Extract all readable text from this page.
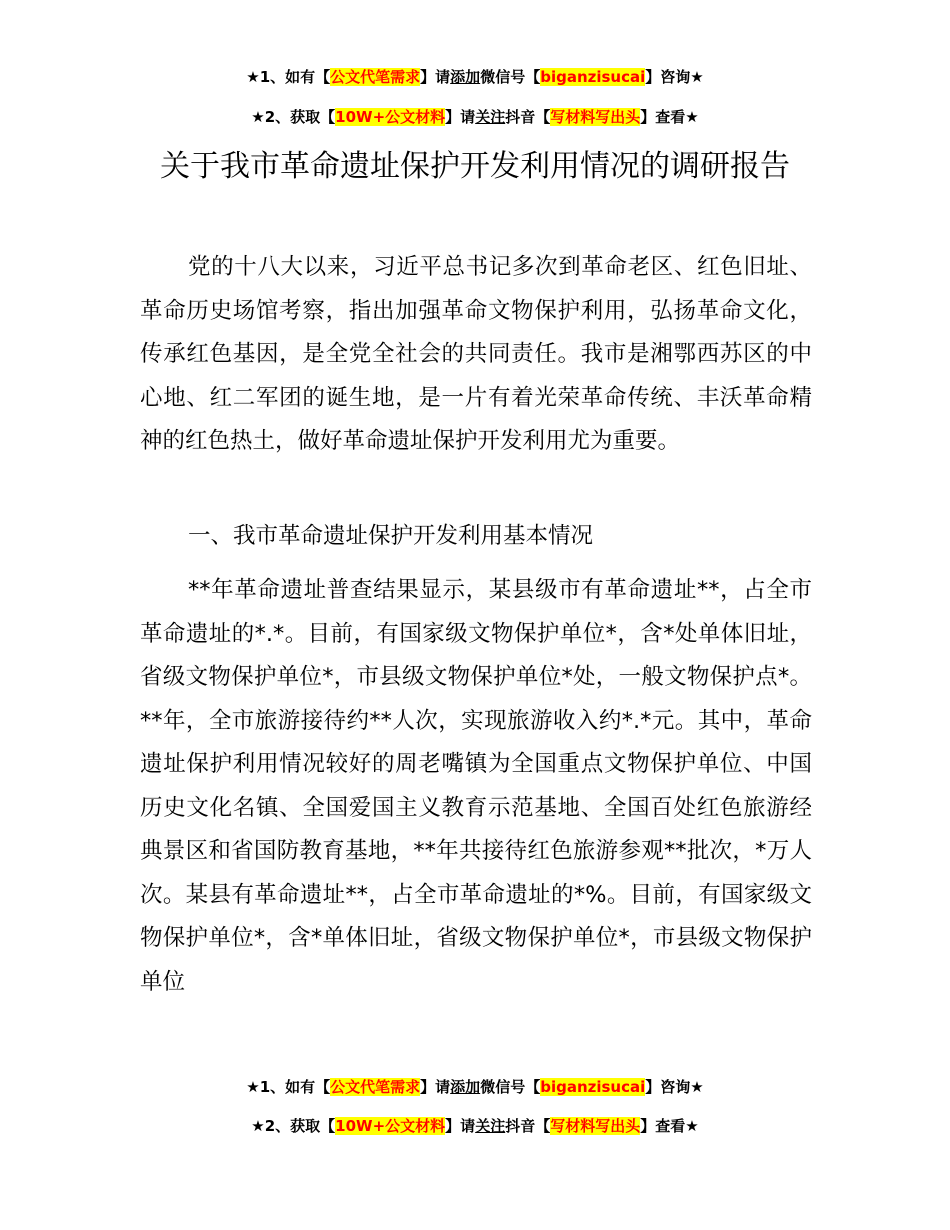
★1、如有【公文代笔需求】请添加微信号【biganzisucai】咨询★
★2、获取【10W+公文材料】请关注抖音【写材料写出头】查看★
关于我市革命遗址保护开发利用情况的调研报告

党的十八大以来，习近平总书记多次到革命老区、红色旧址、革命历史场馆考察，指出加强革命文物保护利用，弘扬革命文化，传承红色基因，是全党全社会的共同责任。我市是湘鄂西苏区的中心地、红二军团的诞生地，是一片有着光荣革命传统、丰沃革命精神的红色热土，做好革命遗址保护开发利用尤为重要。

一、我市革命遗址保护开发利用基本情况

**年革命遗址普查结果显示，某县级市有革命遗址**，占全市革命遗址的*.*。目前，有国家级文物保护单位*，含*处单体旧址，省级文物保护单位*，市县级文物保护单位*处，一般文物保护点*。**年，全市旅游接待约**人次，实现旅游收入约*.*元。其中，革命遗址保护利用情况较好的周老嘴镇为全国重点文物保护单位、中国历史文化名镇、全国爱国主义教育示范基地、全国百处红色旅游经典景区和省国防教育基地，**年共接待红色旅游参观**批次，*万人次。某县有革命遗址**，占全市革命遗址的*%。目前，有国家级文物保护单位*，含*单体旧址，省级文物保护单位*，市县级文物保护单位

★1、如有【公文代笔需求】请添加微信号【biganzisucai】咨询★
★2、获取【10W+公文材料】请关注抖音【写材料写出头】查看★
